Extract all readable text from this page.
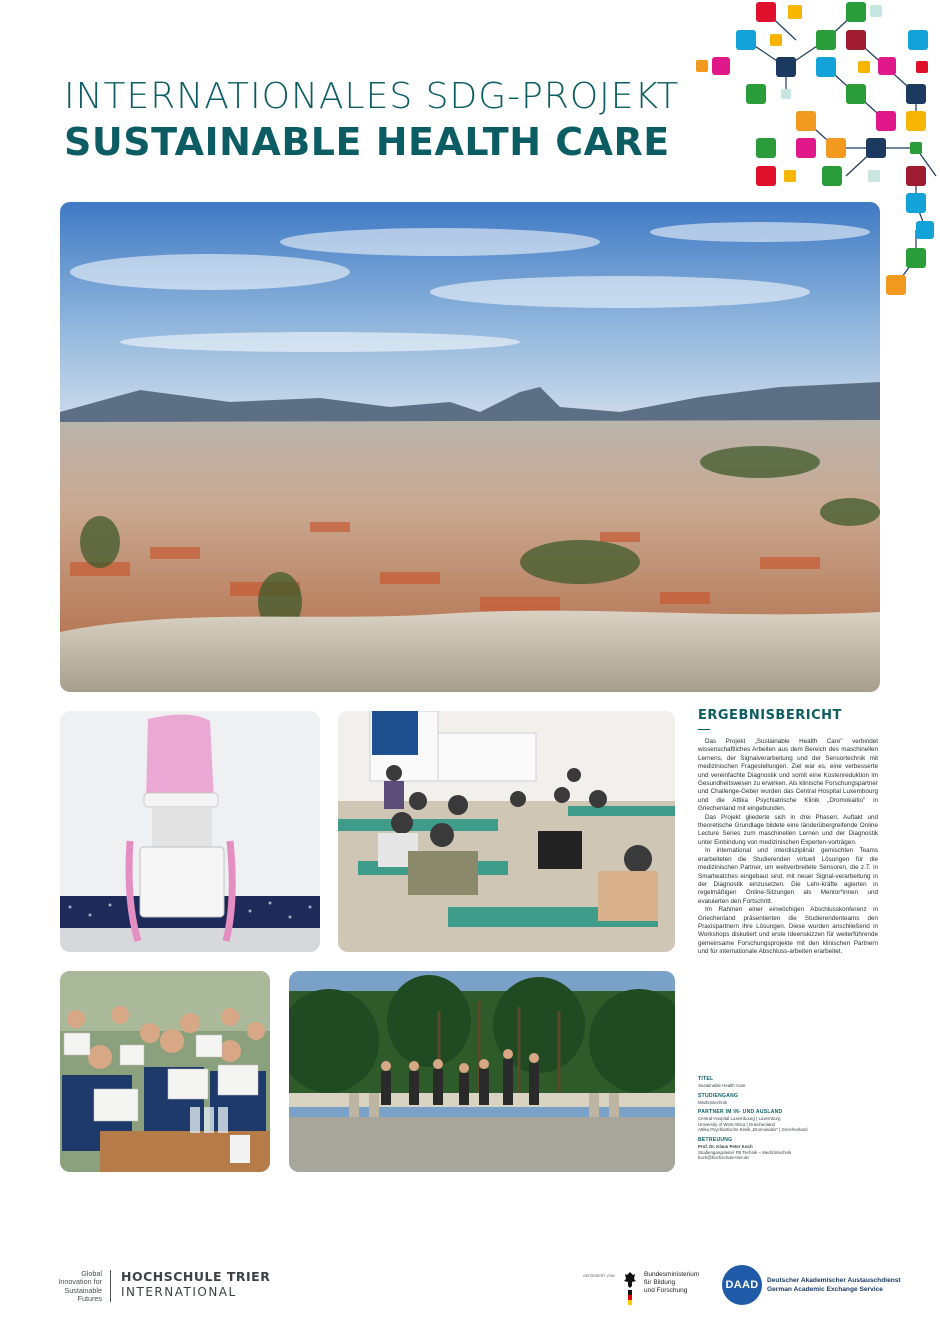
INTERNATIONALES SDG-PROJEKT
SUSTAINABLE HEALTH CARE
ERGEBNISBERICHT

Das Projekt „Sustainable Health Care" verbindet wissenschaftliches Arbeiten aus dem Bereich des maschinellen Lernens, der Signalverarbeitung und der Sensortechnik mit medizinischen Fragestellungen. Ziel war es, eine verbesserte und vereinfachte Diagnostik und somit eine Kostenreduktion im Gesundheitswesen zu erwirken. Als klinische Forschungspartner und Challenge-Geber wurden das Central Hospital Luxembourg und die Attika Psychiatrische Klinik „Dromokaitio" in Griechenland mit eingebunden.

Das Projekt gliederte sich in drei Phasen: Auftakt und theoretische Grundlage bildete eine länderübergreifende Online Lecture Series zum maschinellen Lernen und der Diagnostik unter Einbindung von medizinischen Experten-vorträgen.

In international und interdisziplinär gemischten Teams erarbeiteten die Studierenden virtuell Lösungen für die medizinischen Partner, um weitverbreitete Sensoren, die z.T. in Smartwatches eingebaut sind, mit neuer Signal-verarbeitung in der Diagnostik einzusetzen. Die Lehr-kräfte agierten in regelmäßigen Online-Sitzungen als Mentor*innen und evaluierten den Fortschritt.

Im Rahmen einer einwöchigen Abschlusskonferenz in Griechenland präsentierten die Studierendenteams den Praxispartnern ihre Lösungen. Diese wurden anschließend in Workshops diskutiert und erste Ideenskizzen für weiterführende gemeinsame Forschungsprojekte mit den klinischen Partnern und für internationale Abschluss-arbeiten erarbeitet.

TITEL
Sustainable Health Care
STUDIENGANG
Medizintechnik
PARTNER IM IN- UND AUSLAND
Central Hospital Luxembourg | Luxemburg
University of West Attica | Griechenland
Attika Psychiatrische Klinik „Dromokaitio" | Griechenland
BETREUUNG
Prof. Dr. Klaus Peter Koch
Studiengangsleiter FB Technik – Medizintechnik
koch@hochschule-trier.de
Global
Innovation for
Sustainable
Futures
HOCHSCHULE TRIER
INTERNATIONAL
GEFÖRDERT VOM	Bundesministerium
für Bildung
und Forschung	DAAD	Deutscher Akademischer Austauschdienst
German Academic Exchange Service
